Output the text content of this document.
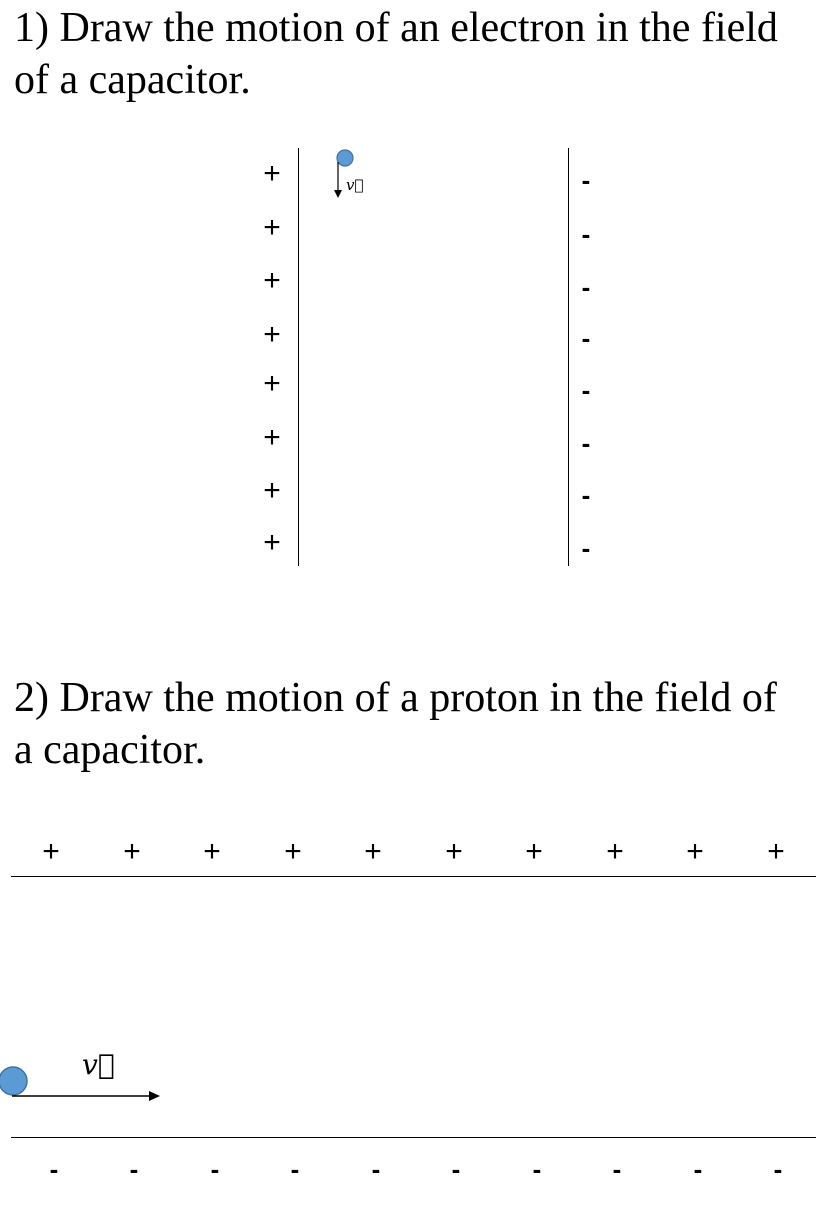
1) Draw the motion of an electron in the field
of a capacitor.
+
+
+
+
+
+
+
+
-
-
-
-
-
-
-
-
v⃗
2) Draw the motion of a proton in the field of
a capacitor.
+ + + + + + + + + +
-	-	-	-	-	-	-	-	-	-
v⃗
